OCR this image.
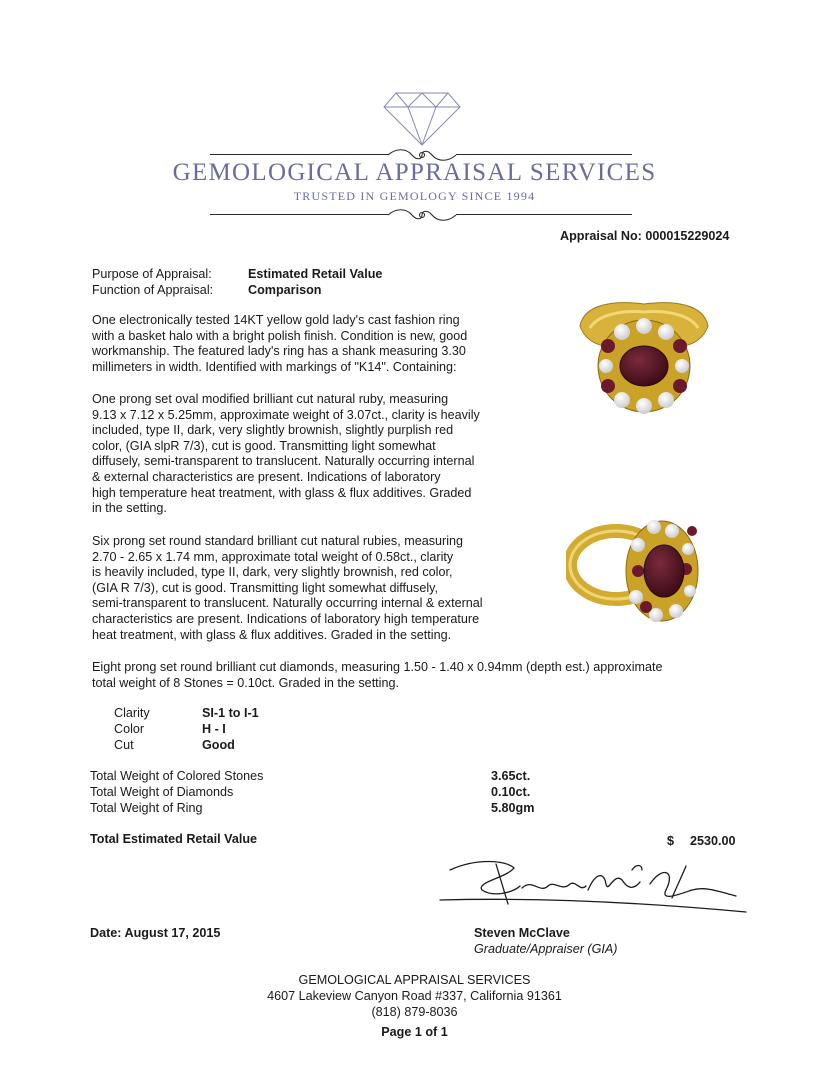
GEMOLOGICAL APPRAISAL SERVICES
TRUSTED IN GEMOLOGY SINCE 1994
Appraisal No: 000015229024
Purpose of Appraisal:	Estimated Retail Value
Function of Appraisal:	Comparison
One electronically tested 14KT yellow gold lady's cast fashion ring
with a basket halo with a bright polish finish. Condition is new, good
workmanship. The featured lady's ring has a shank measuring 3.30
millimeters in width. Identified with markings of "K14". Containing:
One prong set oval modified brilliant cut natural ruby, measuring
9.13 x 7.12 x 5.25mm, approximate weight of 3.07ct., clarity is heavily
included, type II, dark, very slightly brownish, slightly purplish red
color, (GIA slpR 7/3), cut is good. Transmitting light somewhat
diffusely, semi-transparent to translucent. Naturally occurring internal
& external characteristics are present. Indications of laboratory
high temperature heat treatment, with glass & flux additives. Graded
in the setting.
Six prong set round standard brilliant cut natural rubies, measuring
2.70 - 2.65 x 1.74 mm, approximate total weight of 0.58ct., clarity
is heavily included, type II, dark, very slightly brownish, red color,
(GIA R 7/3), cut is good. Transmitting light somewhat diffusely,
semi-transparent to translucent. Naturally occurring internal & external
characteristics are present. Indications of laboratory high temperature
heat treatment, with glass & flux additives. Graded in the setting.
Eight prong set round brilliant cut diamonds, measuring 1.50 - 1.40 x 0.94mm (depth est.) approximate
total weight of 8 Stones = 0.10ct. Graded in the setting.
Clarity	SI-1 to I-1
Color	H - I
Cut	Good
Total Weight of Colored Stones	3.65ct.
Total Weight of Diamonds	0.10ct.
Total Weight of Ring	5.80gm
Total Estimated Retail Value	$ 2530.00
Date: August 17, 2015	Steven McClave
Graduate/Appraiser (GIA)
GEMOLOGICAL APPRAISAL SERVICES
4607 Lakeview Canyon Road #337, California 91361
(818) 879-8036
Page 1 of 1
